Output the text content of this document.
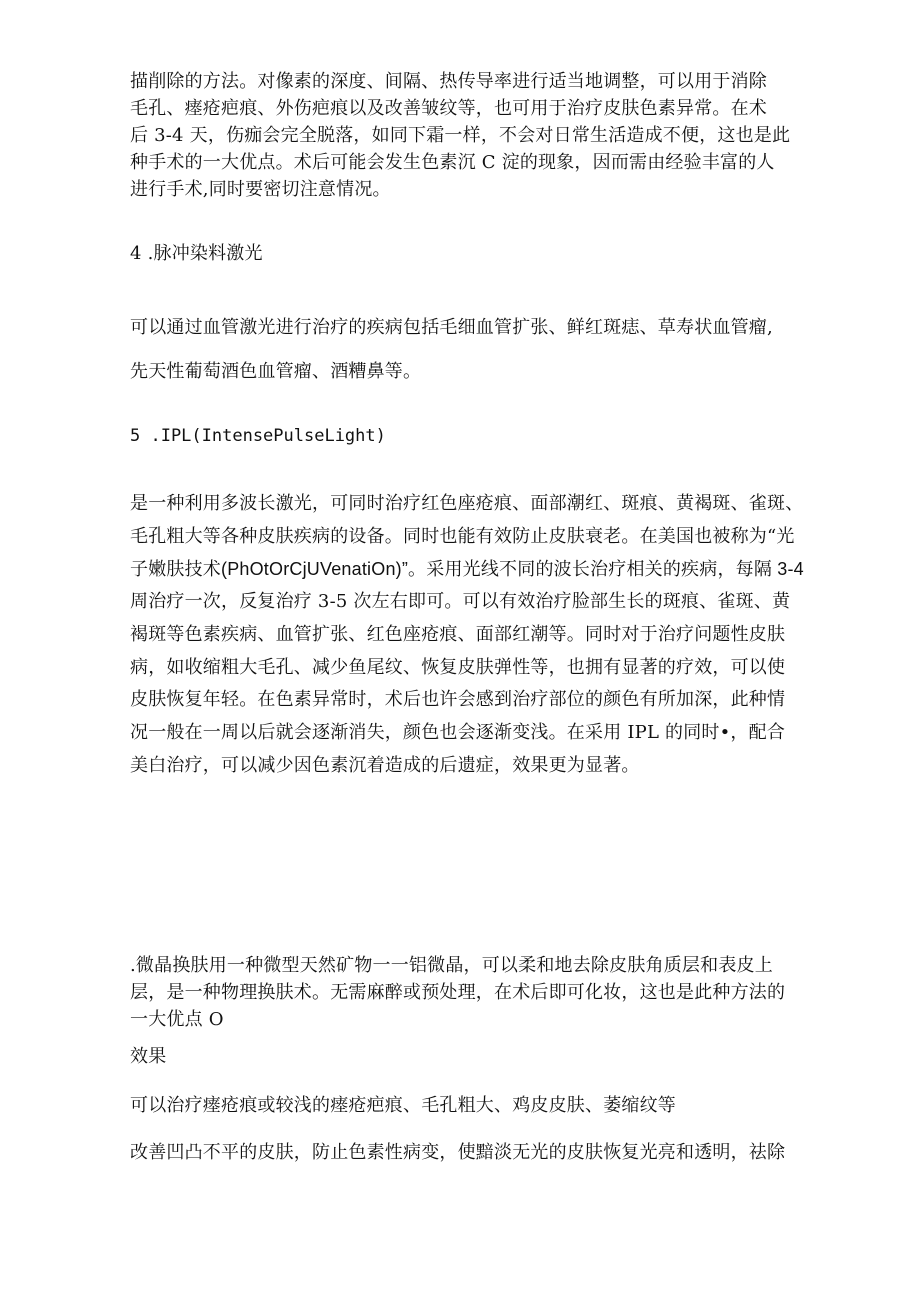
描削除的方法。对像素的深度、间隔、热传导率进行适当地调整，可以用于消除
毛孔、瘗疮疤痕、外伤疤痕以及改善皱纹等，也可用于治疗皮肤色素异常。在术
后 3-4 天，伤痂会完全脱落，如同下霜一样，不会对日常生活造成不便，这也是此
种手术的一大优点。术后可能会发生色素沉 C 淀的现象，因而需由经验丰富的人
进行手术,同时要密切注意情况。
4 .脉冲染料激光
可以通过血管激光进行治疗的疾病包括毛细血管扩张、鲜红斑痣、草寿状血管瘤,
先天性葡萄酒色血管瘤、酒糟鼻等。
5 .IPL(IntensePulseLight)
是一种利用多波长激光，可同时治疗红色座疮痕、面部潮红、斑痕、黄褐斑、雀斑、
毛孔粗大等各种皮肤疾病的设备。同时也能有效防止皮肤衰老。在美国也被称为“光
子嫩肤技术(PhOtOrCjUVenatiOn)”。采用光线不同的波长治疗相关的疾病，每隔 3-4
周治疗一次，反复治疗 3-5 次左右即可。可以有效治疗脸部生长的斑痕、雀斑、黄
褐斑等色素疾病、血管扩张、红色座疮痕、面部红潮等。同时对于治疗问题性皮肤
病，如收缩粗大毛孔、减少鱼尾纹、恢复皮肤弹性等，也拥有显著的疗效，可以使
皮肤恢复年轻。在色素异常时，术后也许会感到治疗部位的颜色有所加深，此种情
况一般在一周以后就会逐渐消失，颜色也会逐渐变浅。在采用 IPL 的同时•，配合
美白治疗，可以减少因色素沉着造成的后遗症，效果更为显著。
.微晶换肤用一种微型天然矿物一一铝微晶，可以柔和地去除皮肤角质层和表皮上
层，是一种物理换肤术。无需麻醉或预处理，在术后即可化妆，这也是此种方法的
一大优点 O
效果
可以治疗瘗疮痕或较浅的瘗疮疤痕、毛孔粗大、鸡皮皮肤、萎缩纹等
改善凹凸不平的皮肤，防止色素性病变，使黯淡无光的皮肤恢复光亮和透明，祛除
